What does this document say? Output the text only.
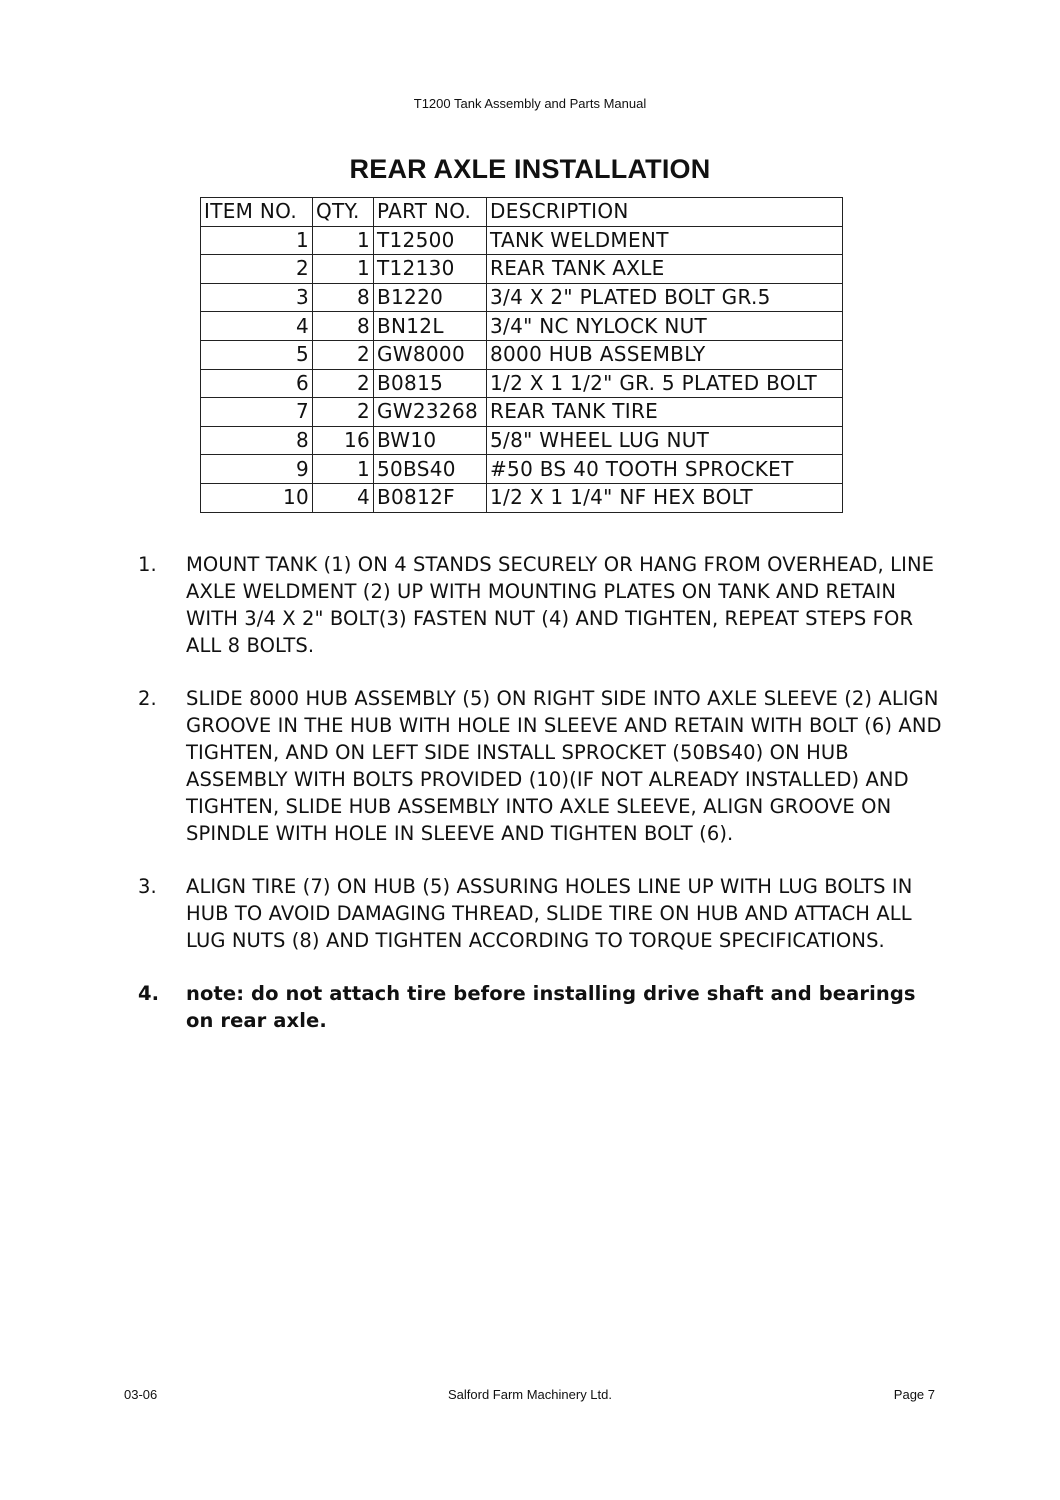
T1200 Tank Assembly and Parts Manual
REAR AXLE INSTALLATION
ITEM NO.	QTY.	PART NO.	DESCRIPTION
1	1	T12500	TANK WELDMENT
2	1	T12130	REAR TANK AXLE
3	8	B1220	3/4 X 2" PLATED BOLT GR.5
4	8	BN12L	3/4" NC NYLOCK NUT
5	2	GW8000	8000 HUB ASSEMBLY
6	2	B0815	1/2 X 1 1/2" GR. 5 PLATED BOLT
7	2	GW23268	REAR TANK TIRE
8	16	BW10	5/8" WHEEL LUG NUT
9	1	50BS40	#50 BS 40 TOOTH SPROCKET
10	4	B0812F	1/2 X 1 1/4" NF HEX BOLT
1.	MOUNT TANK (1) ON 4 STANDS SECURELY OR HANG FROM OVERHEAD, LINE AXLE WELDMENT (2) UP WITH MOUNTING PLATES ON TANK AND RETAIN WITH 3/4 X 2" BOLT(3) FASTEN NUT (4) AND TIGHTEN, REPEAT STEPS FOR ALL 8 BOLTS.
2.	SLIDE 8000 HUB ASSEMBLY (5) ON RIGHT SIDE INTO AXLE SLEEVE (2) ALIGN GROOVE IN THE HUB WITH HOLE IN SLEEVE AND RETAIN WITH BOLT (6) AND TIGHTEN, AND ON LEFT SIDE INSTALL SPROCKET (50BS40) ON HUB ASSEMBLY WITH BOLTS PROVIDED (10)(IF NOT ALREADY INSTALLED) AND TIGHTEN, SLIDE HUB ASSEMBLY INTO AXLE SLEEVE, ALIGN GROOVE ON SPINDLE WITH HOLE IN SLEEVE AND TIGHTEN BOLT (6).
3.	ALIGN TIRE (7) ON HUB (5) ASSURING HOLES LINE UP WITH LUG BOLTS IN HUB TO AVOID DAMAGING THREAD, SLIDE TIRE ON HUB AND ATTACH ALL LUG NUTS (8) AND TIGHTEN ACCORDING TO TORQUE SPECIFICATIONS.
4.	note: do not attach tire before installing drive shaft and bearings on rear axle.
03-06	Salford Farm Machinery Ltd.	Page 7
